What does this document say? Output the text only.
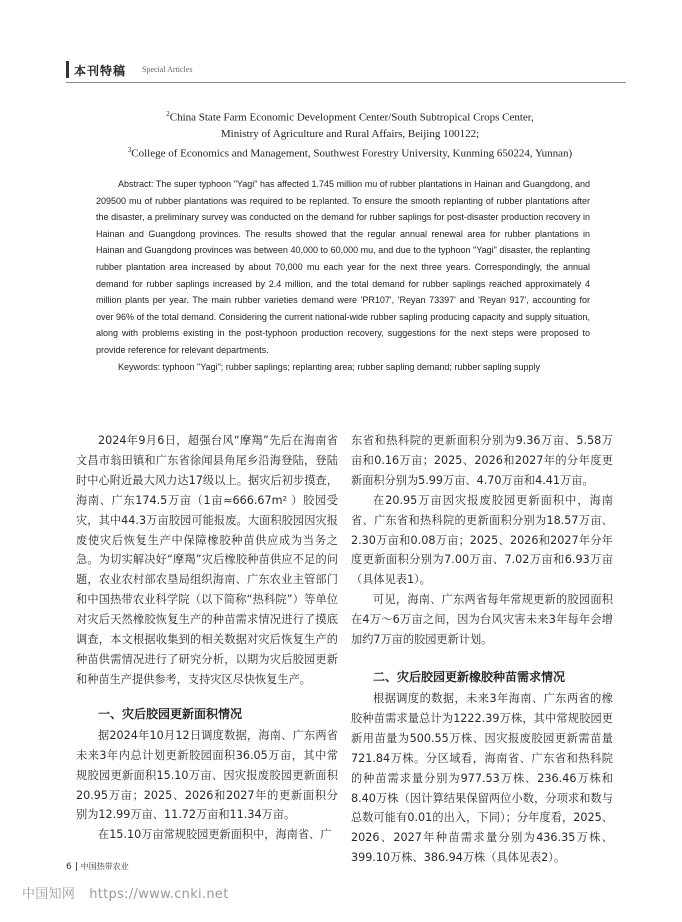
本刊特稿 Special Articles
$^2$China State Farm Economic Development Center/South Subtropical Crops Center,
Ministry of Agriculture and Rural Affairs, Beijing 100122;
$^3$College of Economics and Management, Southwest Forestry University, Kunming 650224, Yunnan)

Abstract: The super typhoon "Yagi" has affected 1.745 million mu of rubber plantations in Hainan and Guangdong, and 209500 mu of rubber plantations was required to be replanted. To ensure the smooth replanting of rubber plantations after the disaster, a preliminary survey was conducted on the demand for rubber saplings for post-disaster production recovery in Hainan and Guangdong provinces. The results showed that the regular annual renewal area for rubber plantations in Hainan and Guangdong provinces was between 40,000 to 60,000 mu, and due to the typhoon "Yagi" disaster, the replanting rubber plantation area increased by about 70,000 mu each year for the next three years. Correspondingly, the annual demand for rubber saplings increased by 2.4 million, and the total demand for rubber saplings reached approximately 4 million plants per year. The main rubber varieties demand were 'PR107', 'Reyan 73397' and 'Reyan 917', accounting for over 96% of the total demand. Considering the current national-wide rubber sapling producing capacity and supply situation, along with problems existing in the post-typhoon production recovery, suggestions for the next steps were proposed to provide reference for relevant departments.

Keywords: typhoon "Yagi"; rubber saplings; replanting area; rubber sapling demand; rubber sapling supply

2024年9月6日，超强台风“摩羯”先后在海南省文昌市翁田镇和广东省徐闻县角尾乡沿海登陆，登陆时中心附近最大风力达17级以上。据灾后初步摸查，海南、广东174.5万亩（1亩≈666.67m² ）胶园受灾，其中44.3万亩胶园可能报废。大面积胶园因灾报废使灾后恢复生产中保障橡胶种苗供应成为当务之急。为切实解决好“摩羯”灾后橡胶种苗供应不足的问题，农业农村部农垦局组织海南、广东农业主管部门和中国热带农业科学院（以下简称“热科院”）等单位对灾后天然橡胶恢复生产的种苗需求情况进行了摸底调查，本文根据收集到的相关数据对灾后恢复生产的种苗供需情况进行了研究分析，以期为灾后胶园更新和种苗生产提供参考，支持灾区尽快恢复生产。

一、灾后胶园更新面积情况

据2024年10月12日调度数据，海南、广东两省未来3年内总计划更新胶园面积36.05万亩，其中常规胶园更新面积15.10万亩、因灾报废胶园更新面积20.95万亩；2025、2026和2027年的更新面积分别为12.99万亩、11.72万亩和11.34万亩。

在15.10万亩常规胶园更新面积中，海南省、广

东省和热科院的更新面积分别为9.36万亩、5.58万亩和0.16万亩；2025、2026和2027年的分年度更新面积分别为5.99万亩、4.70万亩和4.41万亩。

在20.95万亩因灾报废胶园更新面积中，海南省、广东省和热科院的更新面积分别为18.57万亩、2.30万亩和0.08万亩；2025、2026和2027年分年度更新面积分别为7.00万亩、7.02万亩和6.93万亩（具体见表1）。

可见，海南、广东两省每年常规更新的胶园面积在4万～6万亩之间，因为台风灾害未来3年每年会增加约7万亩的胶园更新计划。

二、灾后胶园更新橡胶种苗需求情况

根据调度的数据，未来3年海南、广东两省的橡胶种苗需求量总计为1222.39万株，其中常规胶园更新用苗量为500.55万株、因灾报废胶园更新需苗量721.84万株。分区域看，海南省、广东省和热科院的种苗需求量分别为977.53万株、236.46万株和8.40万株（因计算结果保留两位小数，分项求和数与总数可能有0.01的出入，下同）；分年度看，2025、2026、2027年种苗需求量分别为436.35万株、399.10万株、386.94万株（具体见表2）。

6 中国热带农业
中国知网 https://www.cnki.net
